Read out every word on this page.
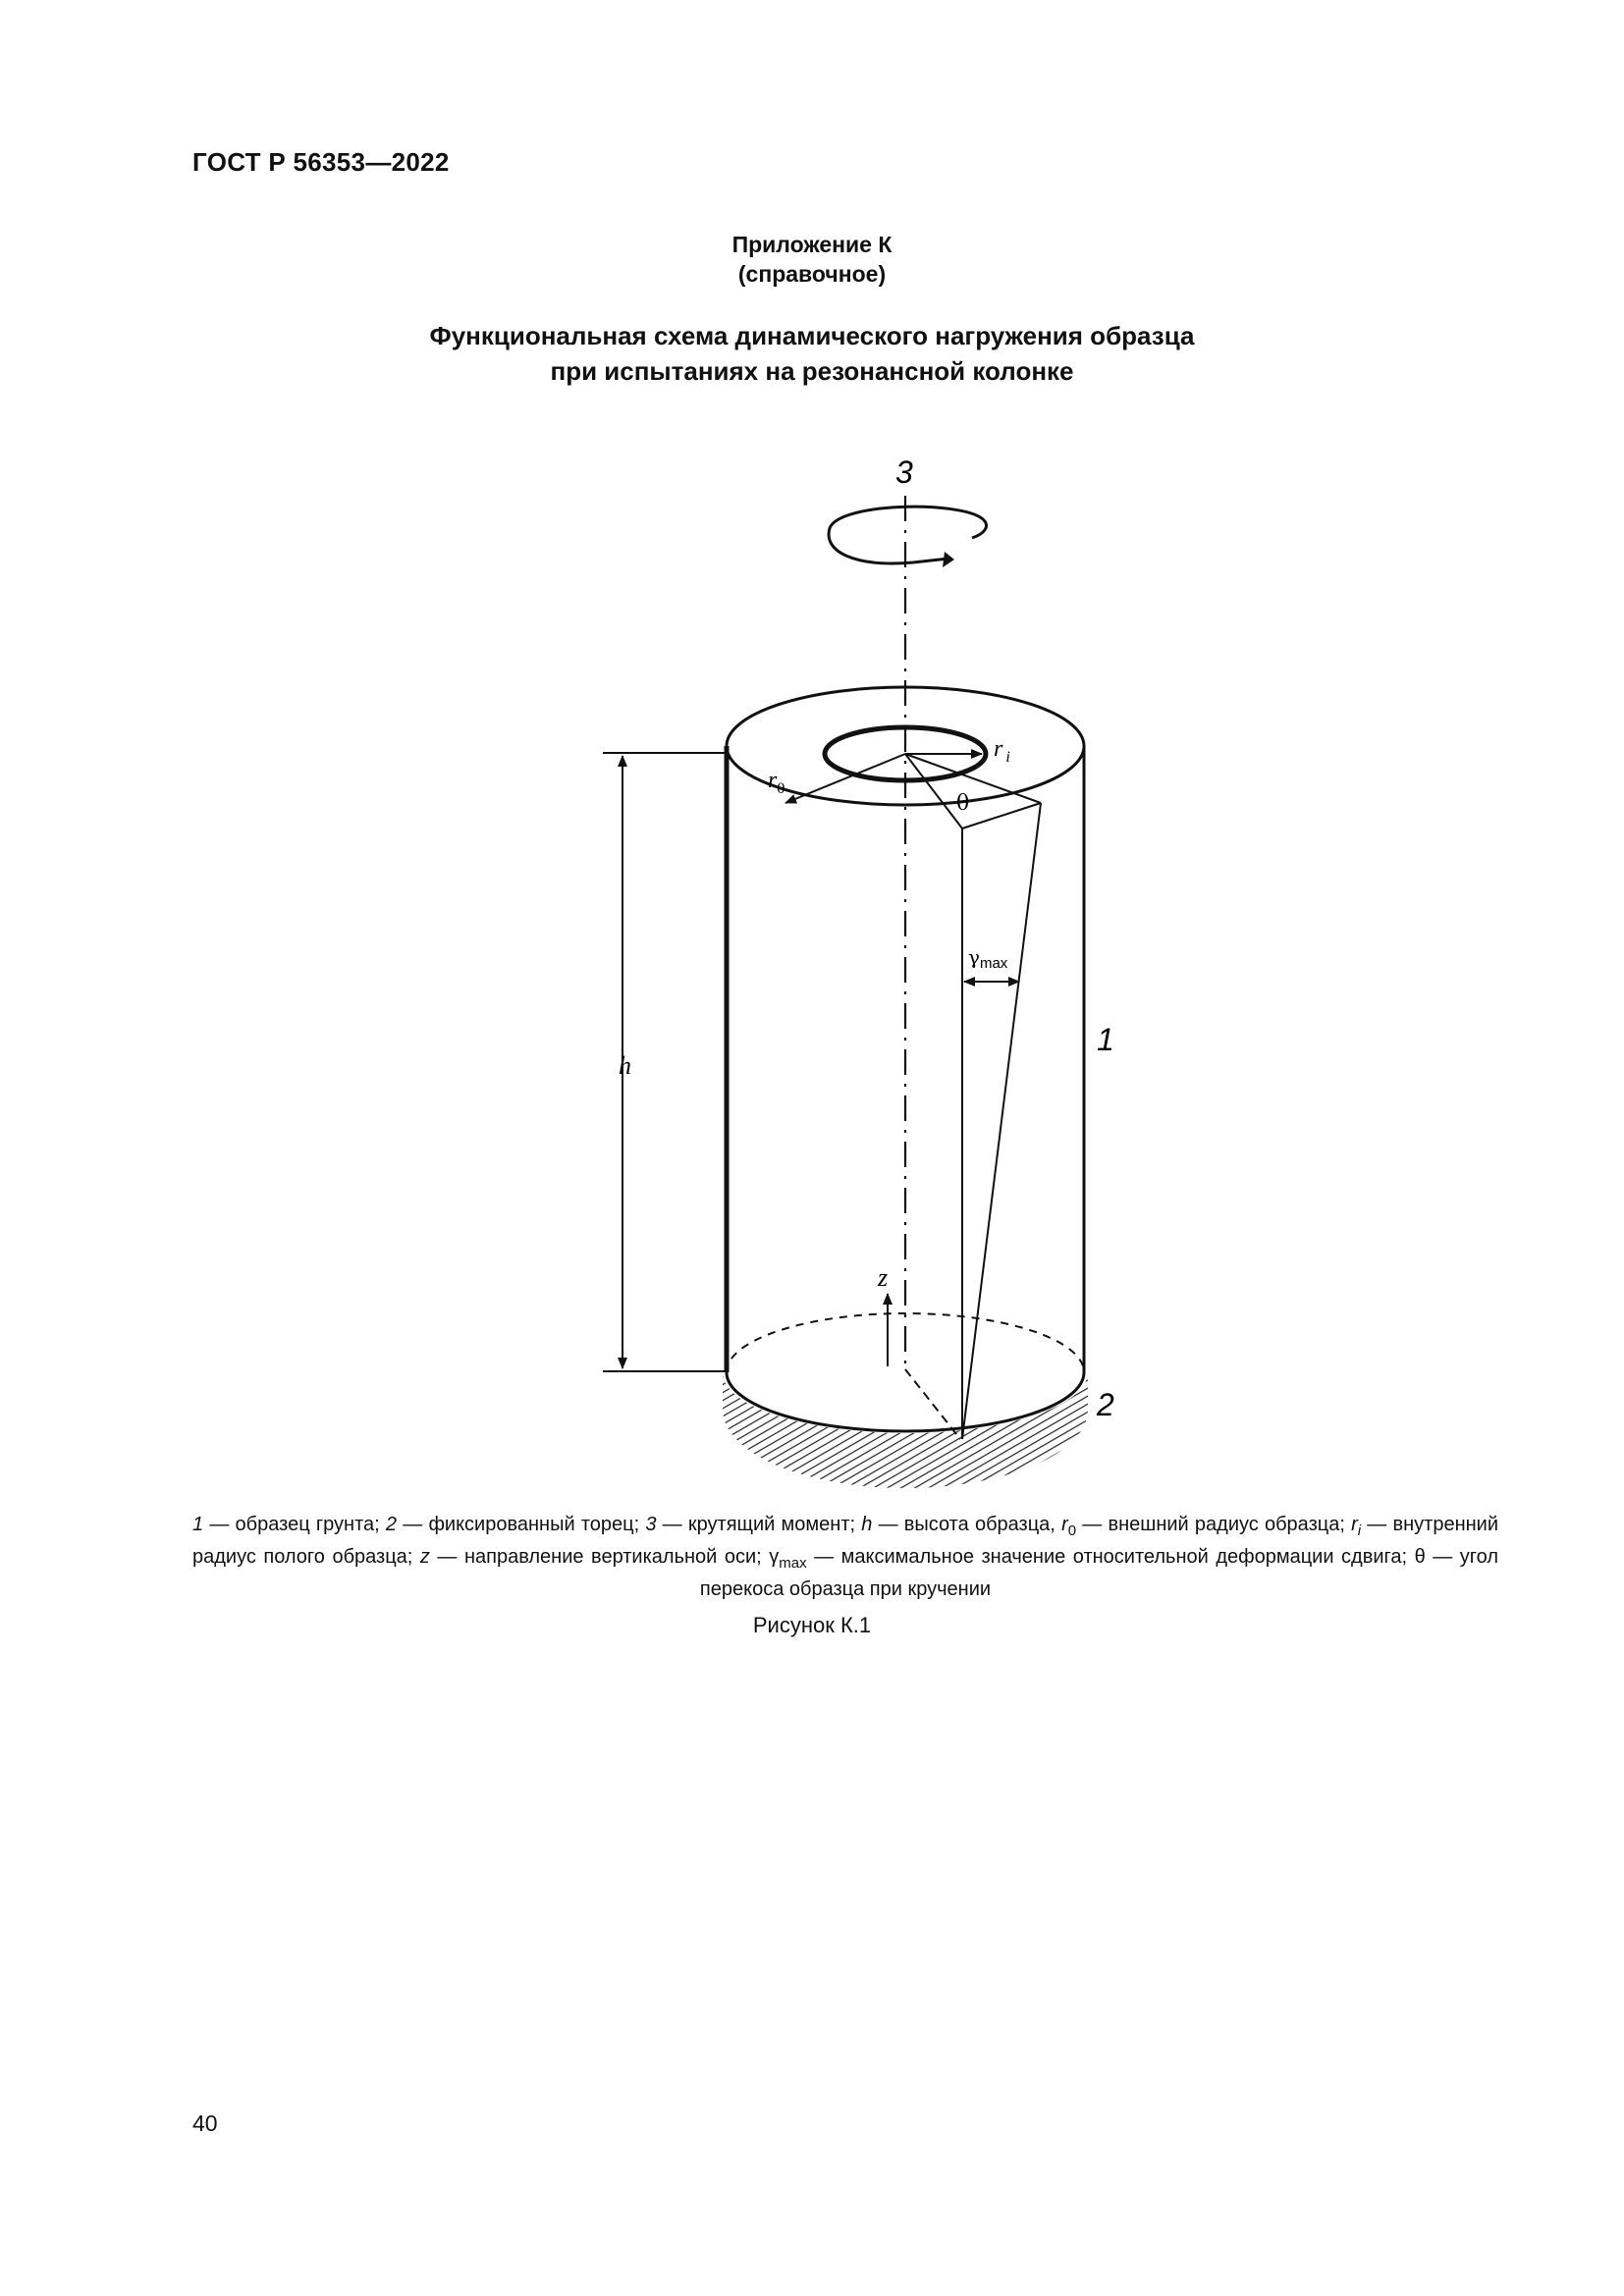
ГОСТ Р 56353—2022
Приложение К
(справочное)
Функциональная схема динамического нагружения образца
при испытаниях на резонансной колонке
3
1
2
h
$r_0$
r $_i$
θ
$\gamma_{max}$
z
1 — образец грунта; 2 — фиксированный торец; 3 — крутящий момент; h — высота образца, $r_0$ — внешний радиус образца; $r_i$ — внутренний радиус полого образца; z — направление вертикальной оси; $\gamma_{max}$ — максимальное значение относительной деформации сдвига; θ — угол перекоса образца при кручении
Рисунок К.1
40
